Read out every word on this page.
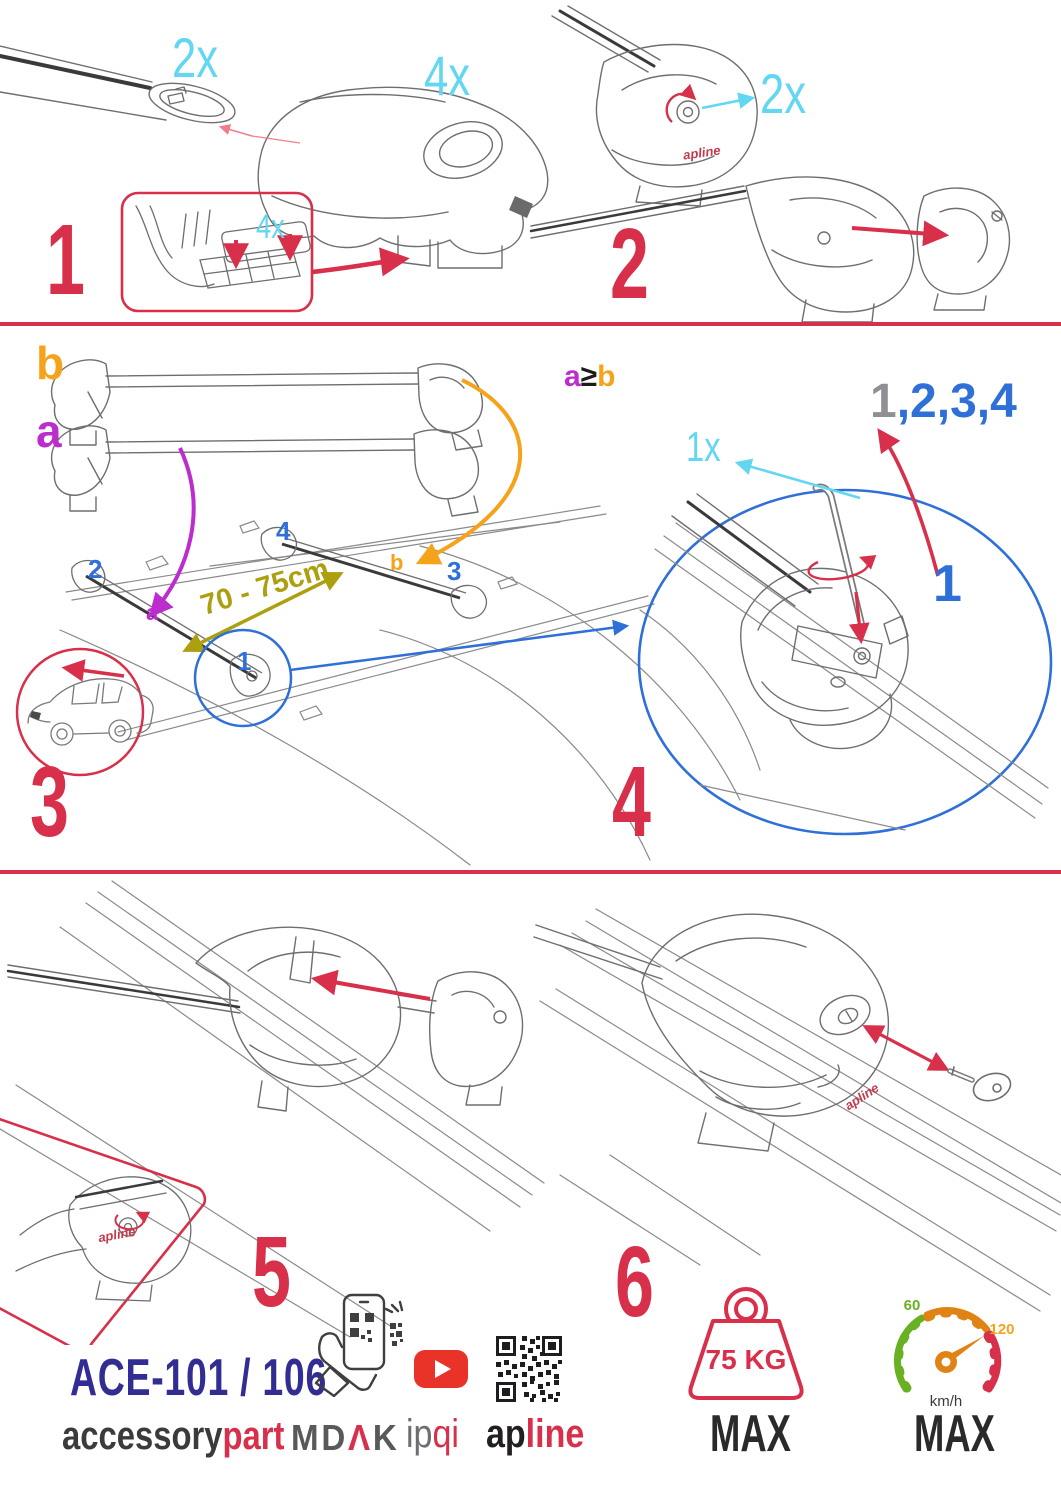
1
2x	4x
4x	2
2x
apline
b
a
4
2	3
1
b
a 70 - 75cm
3
a≥b	1,2,3,4
1x
1
4
apline
apline
5	6
ACE-101 / 106
accessorypart MDΛK ipqi apline
75 KG
MAX
60
120
km/h
MAX
